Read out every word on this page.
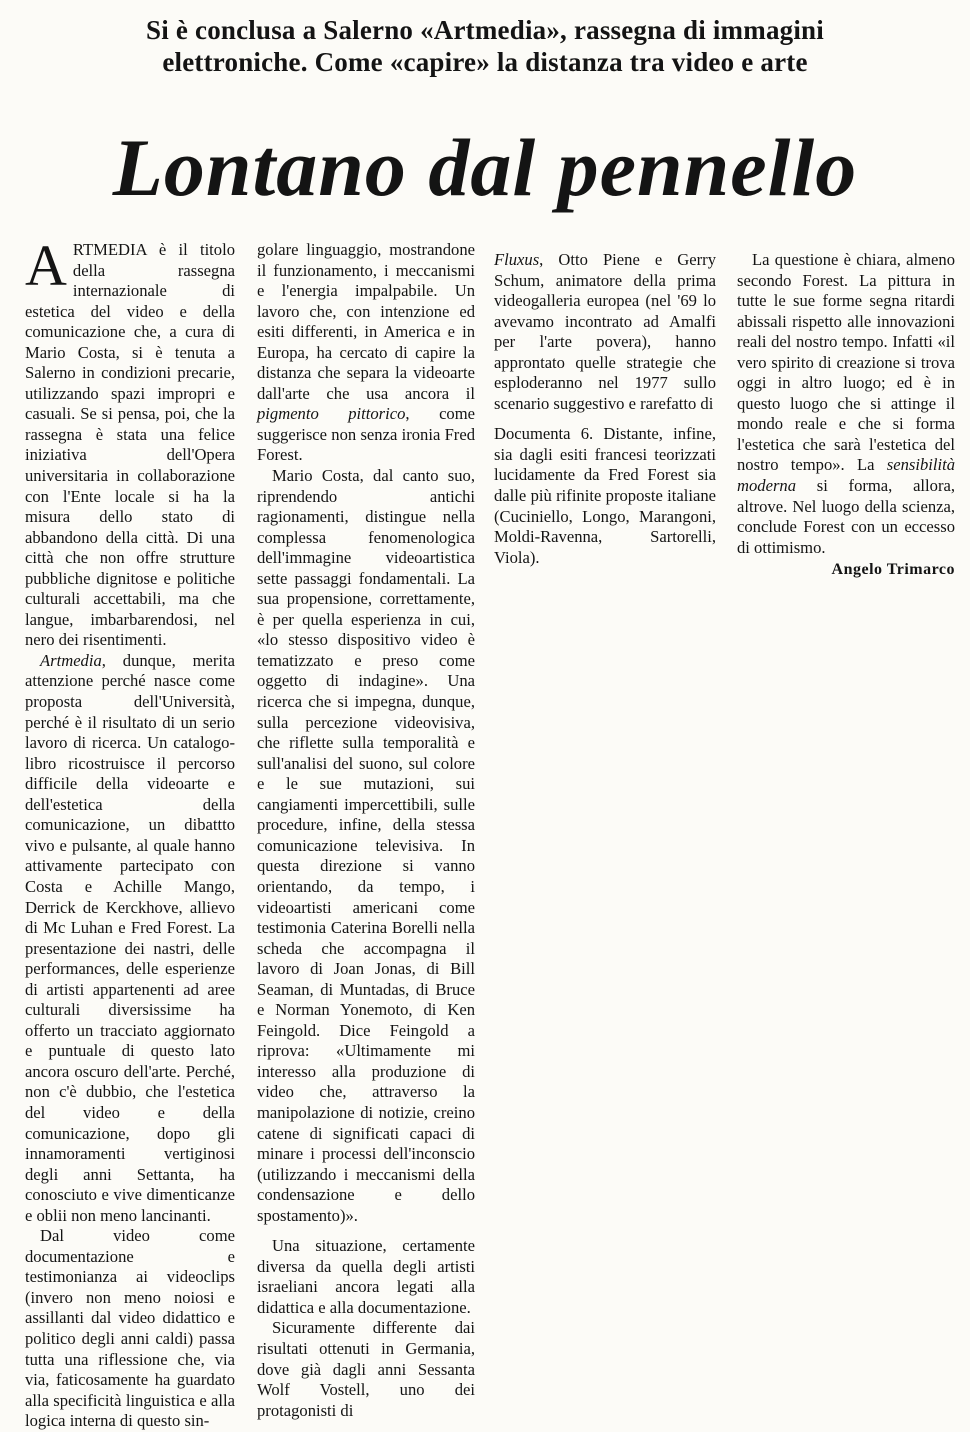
Si è conclusa a Salerno «Artmedia», rassegna di immagini
elettroniche. Come «capire» la distanza tra video e arte
Lontano dal pennello

ARTMEDIA è il titolo della rassegna internazionale di estetica del video e della comunicazione che, a cura di Mario Costa, si è tenuta a Salerno in condizioni precarie, utilizzando spazi impropri e casuali. Se si pensa, poi, che la rassegna è stata una felice iniziativa dell'Opera universitaria in collaborazione con l'Ente locale si ha la misura dello stato di abbandono della città. Di una città che non offre strutture pubbliche dignitose e politiche culturali accettabili, ma che langue, imbarbarendosi, nel nero dei risentimenti.

Artmedia, dunque, merita attenzione perché nasce come proposta dell'Università, perché è il risultato di un serio lavoro di ricerca. Un catalogo-libro ricostruisce il percorso difficile della videoarte e dell'estetica della comunicazione, un dibattto vivo e pulsante, al quale hanno attivamente partecipato con Costa e Achille Mango, Derrick de Kerckhove, allievo di Mc Luhan e Fred Forest. La presentazione dei nastri, delle performances, delle esperienze di artisti appartenenti ad aree culturali diversissime ha offerto un tracciato aggiornato e puntuale di questo lato ancora oscuro dell'arte. Perché, non c'è dubbio, che l'estetica del video e della comunicazione, dopo gli innamoramenti vertiginosi degli anni Settanta, ha conosciuto e vive dimenticanze e oblii non meno lancinanti.

Dal video come documentazione e testimonianza ai videoclips (invero non meno noiosi e assillanti dal video didattico e politico degli anni caldi) passa tutta una riflessione che, via via, faticosamente ha guardato alla specificità linguistica e alla logica interna di questo sin-

golare linguaggio, mostrandone il funzionamento, i meccanismi e l'energia impalpabile. Un lavoro che, con intenzione ed esiti differenti, in America e in Europa, ha cercato di capire la distanza che separa la videoarte dall'arte che usa ancora il pigmento pittorico, come suggerisce non senza ironia Fred Forest.

Mario Costa, dal canto suo, riprendendo antichi ragionamenti, distingue nella complessa fenomenologica dell'immagine videoartistica sette passaggi fondamentali. La sua propensione, correttamente, è per quella esperienza in cui, «lo stesso dispositivo video è tematizzato e preso come oggetto di indagine». Una ricerca che si impegna, dunque, sulla percezione videovisiva, che riflette sulla temporalità e sull'analisi del suono, sul colore e le sue mutazioni, sui cangiamenti impercettibili, sulle procedure, infine, della stessa comunicazione televisiva. In questa direzione si vanno orientando, da tempo, i videoartisti americani come testimonia Caterina Borelli nella scheda che accompagna il lavoro di Joan Jonas, di Bill Seaman, di Muntadas, di Bruce e Norman Yonemoto, di Ken Feingold. Dice Feingold a riprova: «Ultimamente mi interesso alla produzione di video che, attraverso la manipolazione di notizie, creino catene di significati capaci di minare i processi dell'inconscio (utilizzando i meccanismi della condensazione e dello spostamento)».

Una situazione, certamente diversa da quella degli artisti israeliani ancora legati alla didattica e alla documentazione.

Sicuramente differente dai risultati ottenuti in Germania, dove già dagli anni Sessanta Wolf Vostell, uno dei protagonisti di

Fluxus, Otto Piene e Gerry Schum, animatore della prima videogalleria europea (nel '69 lo avevamo incontrato ad Amalfi per l'arte povera), hanno approntato quelle strategie che esploderanno nel 1977 sullo scenario suggestivo e rarefatto di

Documenta 6. Distante, infine, sia dagli esiti francesi teorizzati lucidamente da Fred Forest sia dalle più rifinite proposte italiane (Cuciniello, Longo, Marangoni, Moldi-Ravenna, Sartorelli, Viola).

La questione è chiara, almeno secondo Forest. La pittura in tutte le sue forme segna ritardi abissali rispetto alle innovazioni reali del nostro tempo. Infatti «il vero spirito di creazione si trova oggi in altro luogo; ed è in questo luogo che si attinge il mondo reale e che si forma l'estetica che sarà l'estetica del nostro tempo». La sensibilità moderna si forma, allora, altrove. Nel luogo della scienza, conclude Forest con un eccesso di ottimismo.

Angelo Trimarco
